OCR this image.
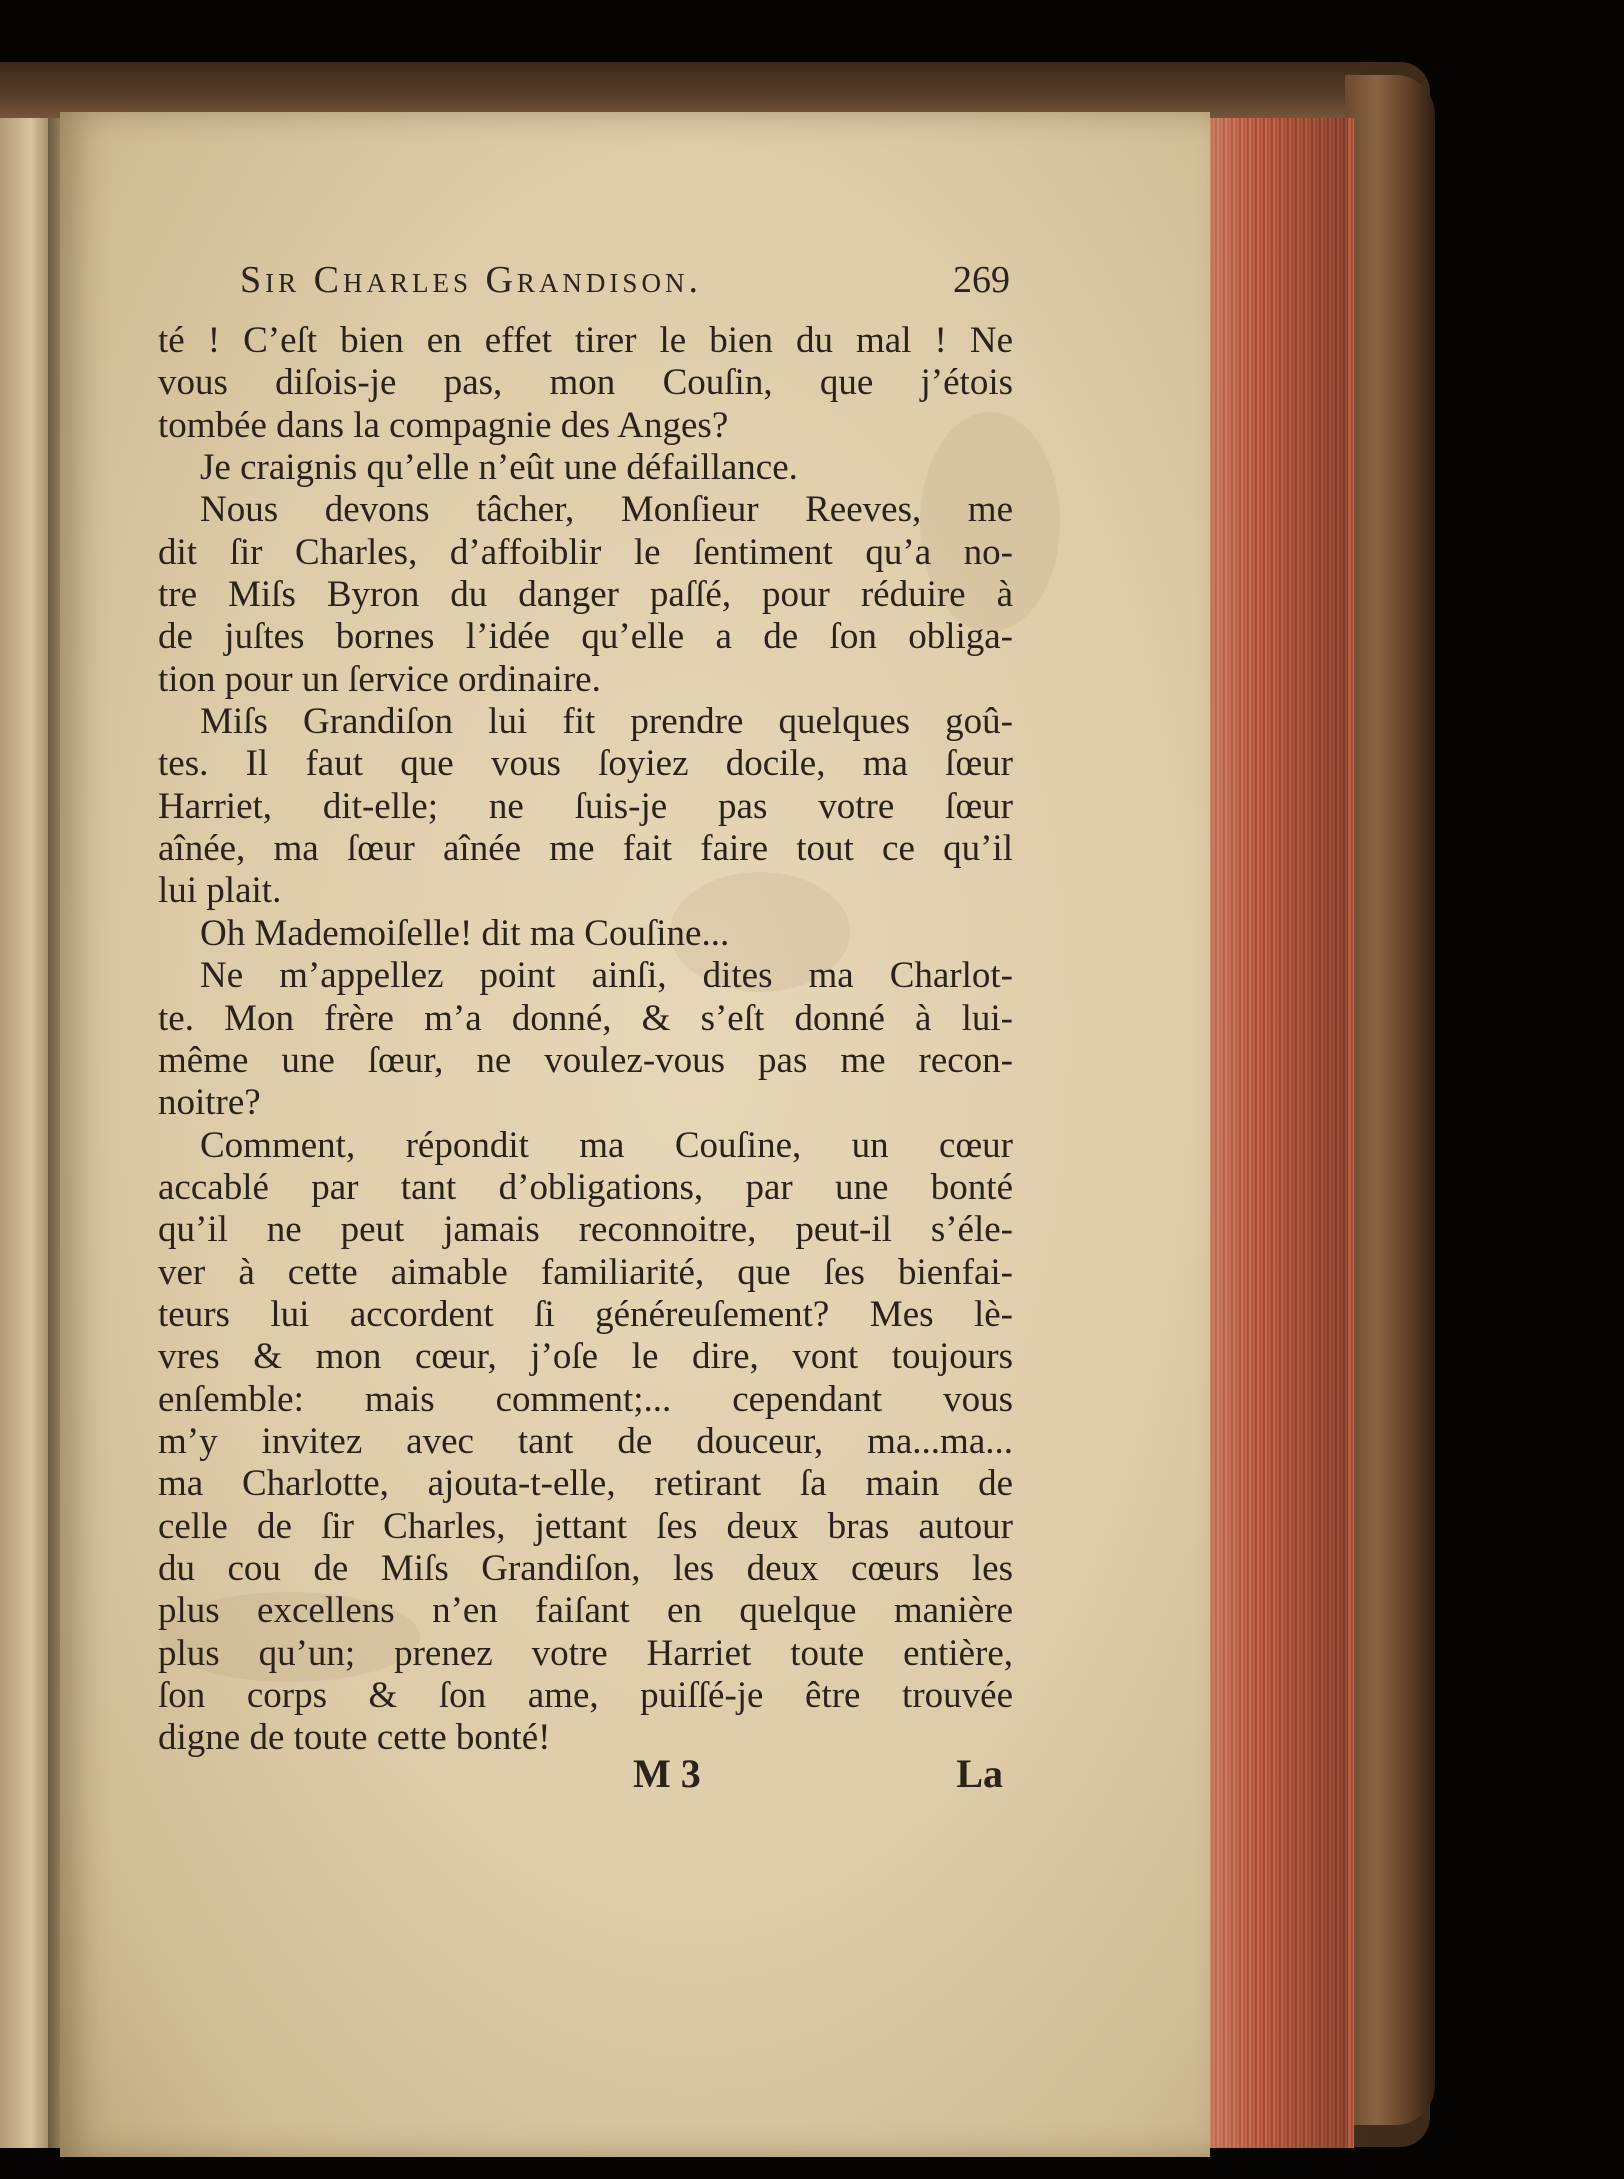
Sir Charles Grandison.	269
té ! C’eſt bien en effet tirer le bien du mal ! Ne
vous diſois-je pas, mon Couſin, que j’étois
tombée dans la compagnie des Anges?
Je craignis qu’elle n’eût une défaillance.
Nous devons tâcher, Monſieur Reeves, me
dit ſir Charles, d’affoiblir le ſentiment qu’a no-
tre Miſs Byron du danger paſſé, pour réduire à
de juſtes bornes l’idée qu’elle a de ſon obliga-
tion pour un ſervice ordinaire.
Miſs Grandiſon lui fit prendre quelques goû-
tes. Il faut que vous ſoyiez docile, ma ſœur
Harriet, dit-elle; ne ſuis-je pas votre ſœur
aînée, ma ſœur aînée me fait faire tout ce qu’il
lui plait.
Oh Mademoiſelle! dit ma Couſine...
Ne m’appellez point ainſi, dites ma Charlot-
te. Mon frère m’a donné, & s’eſt donné à lui-
même une ſœur, ne voulez-vous pas me recon-
noitre?
Comment, répondit ma Couſine, un cœur
accablé par tant d’obligations, par une bonté
qu’il ne peut jamais reconnoitre, peut-il s’éle-
ver à cette aimable familiarité, que ſes bienfai-
teurs lui accordent ſi généreuſement? Mes lè-
vres & mon cœur, j’oſe le dire, vont toujours
enſemble: mais comment;... cependant vous
m’y invitez avec tant de douceur, ma...ma...
ma Charlotte, ajouta-t-elle, retirant ſa main de
celle de ſir Charles, jettant ſes deux bras autour
du cou de Miſs Grandiſon, les deux cœurs les
plus excellens n’en faiſant en quelque manière
plus qu’un; prenez votre Harriet toute entière,
ſon corps & ſon ame, puiſſé-je être trouvée
digne de toute cette bonté!
M 3	La
